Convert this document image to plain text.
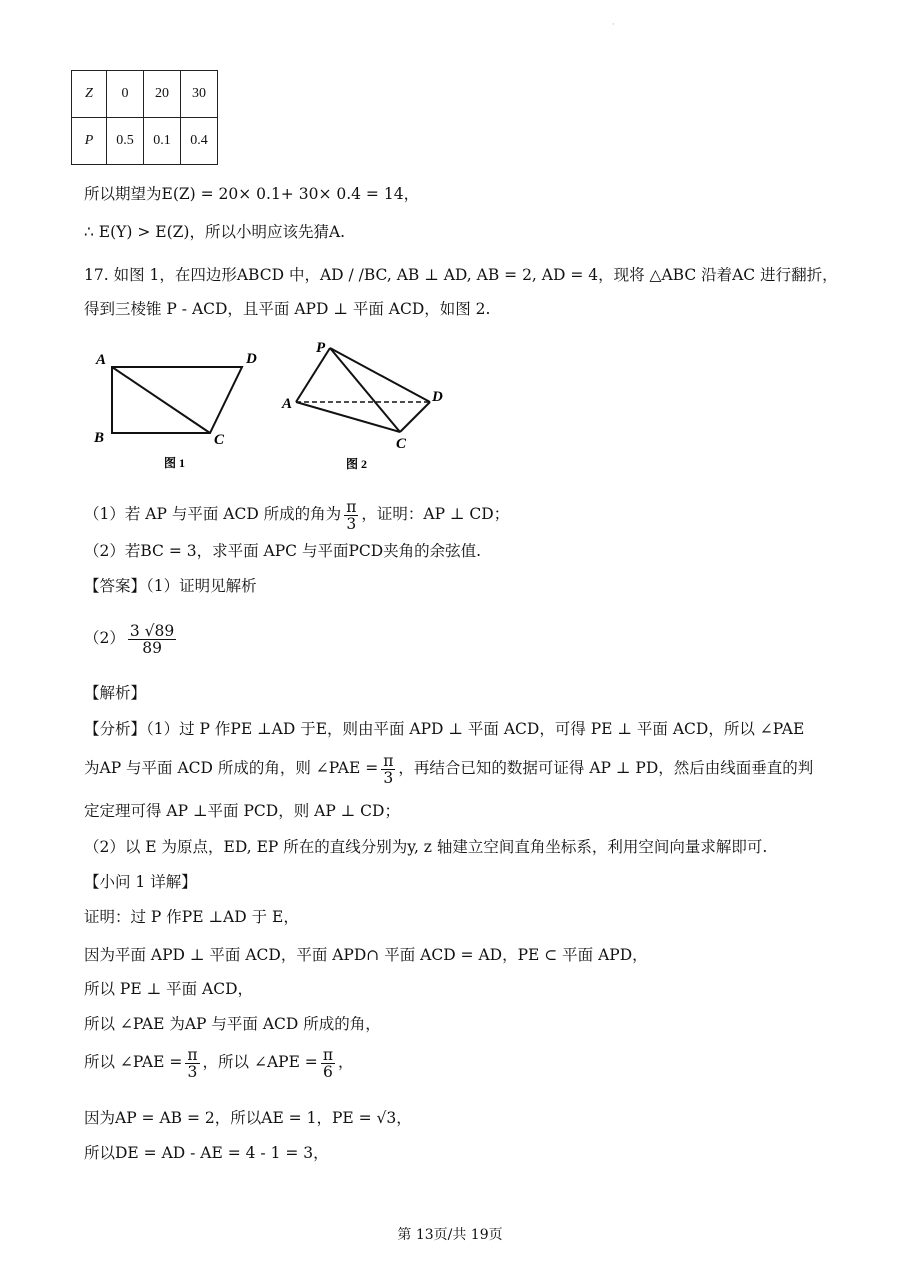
·
Z	0	20	30
P	0.5	0.1	0.4
所以期望为E(Z) = 20× 0.1+ 30× 0.4 = 14，
∴ E(Y) > E(Z)，所以小明应该先猜A.
17. 如图 1，在四边形ABCD 中，AD / /BC, AB ⊥ AD, AB = 2, AD = 4，现将 △ABC 沿着AC 进行翻折，
得到三棱锥 P - ACD，且平面 APD ⊥ 平面 ACD，如图 2.
A
B	C
D
图 1
P
A	D
C
图 2
（1）若 AP 与平面 ACD 所成的角为 $\frac{\pi}{3}$ ，证明：AP ⊥ CD；
（2）若BC = 3，求平面 APC 与平面PCD夹角的余弦值.
【答案】（1）证明见解析
$(2) \frac{3 √89}{89}$
【解析】
【分析】（1）过 P 作PE ⊥AD 于E，则由平面 APD ⊥ 平面 ACD，可得 PE ⊥ 平面 ACD，所以 ∠PAE
为AP 与平面 ACD 所成的角，则 ∠PAE = $\frac{\pi}{3}$ ，再结合已知的数据可证得 AP ⊥ PD，然后由线面垂直的判
定定理可得 AP ⊥平面 PCD，则 AP ⊥ CD；
（2）以 E 为原点，ED, EP 所在的直线分别为y, z 轴建立空间直角坐标系，利用空间向量求解即可.
【小问 1 详解】
证明：过 P 作PE ⊥AD 于 E，
因为平面 APD ⊥ 平面 ACD，平面 APD∩ 平面 ACD = AD，PE ⊂ 平面 APD，
所以 PE ⊥ 平面 ACD，
所以 ∠PAE 为AP 与平面 ACD 所成的角，
所以 ∠PAE = $\frac{\pi}{3}$ ，所以 ∠APE = $\frac{\pi}{6}$ ，
因为AP = AB = 2，所以AE = 1，PE = √3，
所以DE = AD - AE = 4 - 1 = 3，
第 13页/共 19页
